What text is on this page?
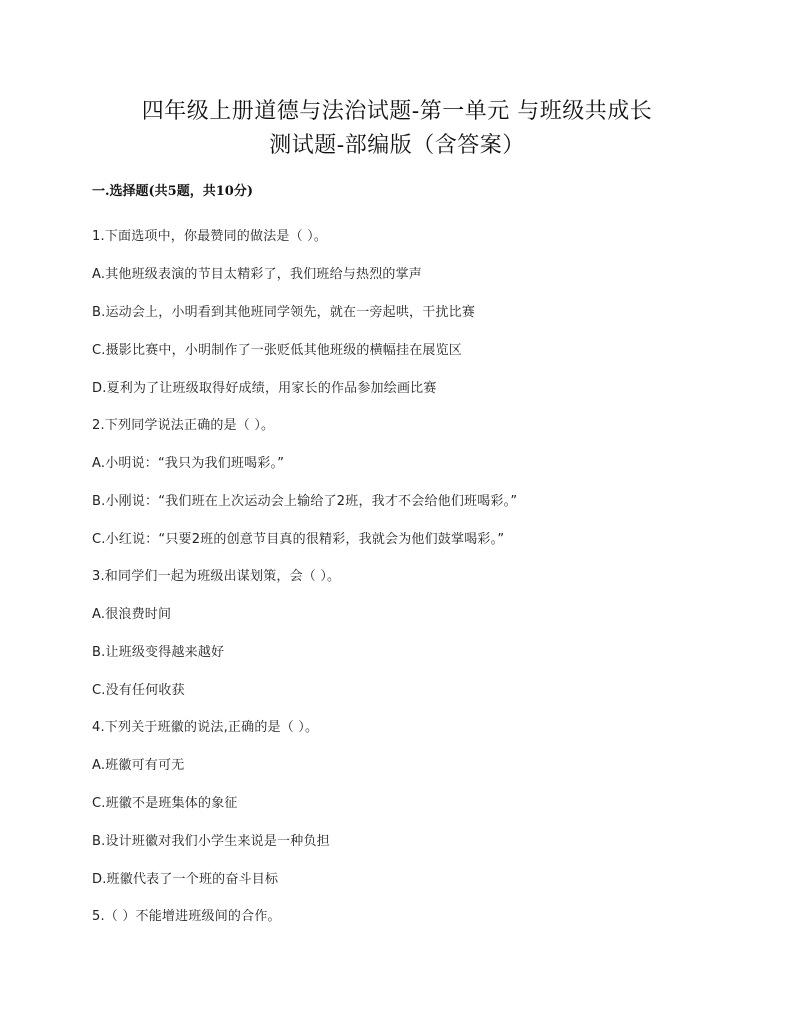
四年级上册道德与法治试题-第一单元 与班级共成长
测试题-部编版（含答案）
一.选择题(共5题，共10分)
1.下面选项中，你最赞同的做法是（ ）。
A.其他班级表演的节目太精彩了，我们班给与热烈的掌声
B.运动会上，小明看到其他班同学领先，就在一旁起哄，干扰比赛
C.摄影比赛中，小明制作了一张贬低其他班级的横幅挂在展览区
D.夏利为了让班级取得好成绩，用家长的作品参加绘画比赛
2.下列同学说法正确的是（ ）。
A.小明说：“我只为我们班喝彩。”
B.小刚说：“我们班在上次运动会上输给了2班，我才不会给他们班喝彩。”
C.小红说：“只要2班的创意节目真的很精彩，我就会为他们鼓掌喝彩。”
3.和同学们一起为班级出谋划策，会（ ）。
A.很浪费时间
B.让班级变得越来越好
C.没有任何收获
4.下列关于班徽的说法,正确的是（ ）。
A.班徽可有可无
C.班徽不是班集体的象征
B.设计班徽对我们小学生来说是一种负担
D.班徽代表了一个班的奋斗目标
5.（ ）不能增进班级间的合作。
